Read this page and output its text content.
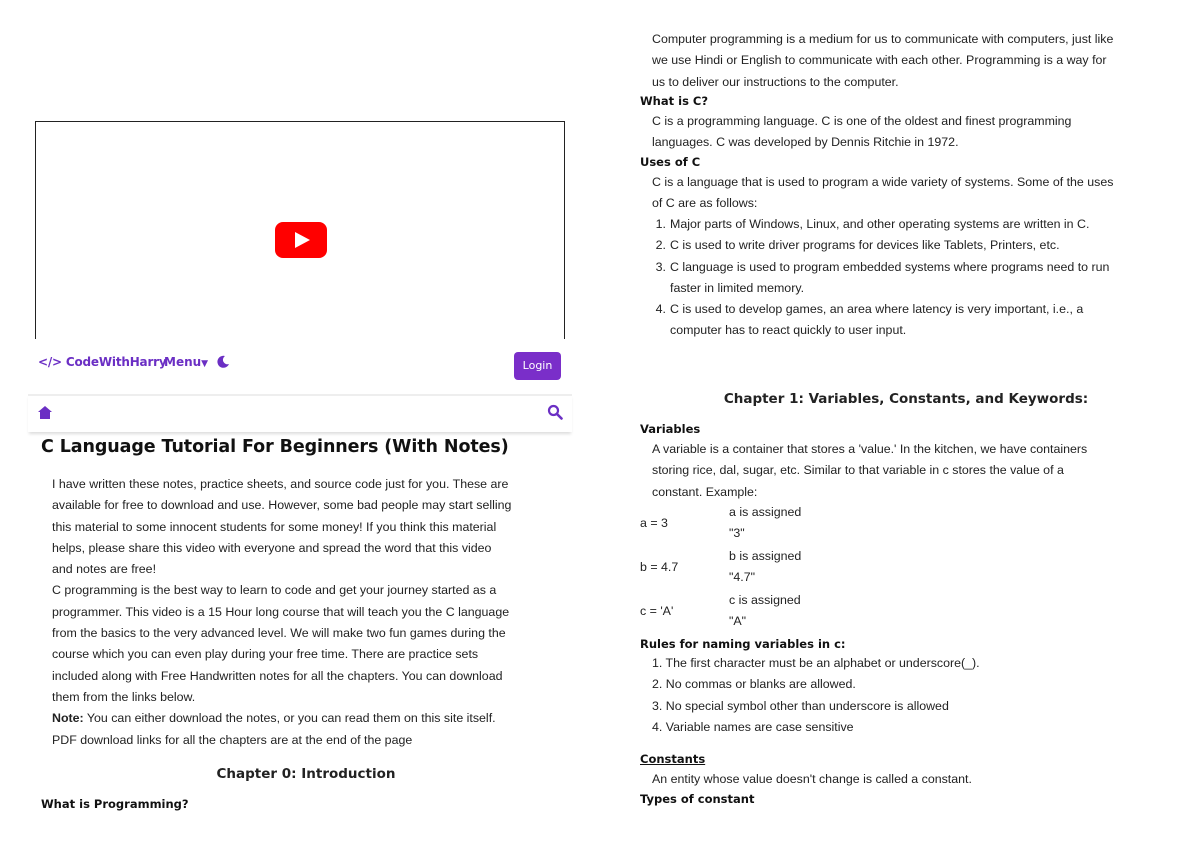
</> CodeWithHarry
Menu▼	Login
C Language Tutorial For Beginners (With Notes)
I have written these notes, practice sheets, and source code just for you. These are
available for free to download and use. However, some bad people may start selling
this material to some innocent students for some money! If you think this material
helps, please share this video with everyone and spread the word that this video
and notes are free!
C programming is the best way to learn to code and get your journey started as a
programmer. This video is a 15 Hour long course that will teach you the C language
from the basics to the very advanced level. We will make two fun games during the
course which you can even play during your free time. There are practice sets
included along with Free Handwritten notes for all the chapters. You can download
them from the links below.
Note: You can either download the notes, or you can read them on this site itself.
PDF download links for all the chapters are at the end of the page
Chapter 0: Introduction
What is Programming?
Computer programming is a medium for us to communicate with computers, just like
we use Hindi or English to communicate with each other. Programming is a way for
us to deliver our instructions to the computer.
What is C?
C is a programming language. C is one of the oldest and finest programming
languages. C was developed by Dennis Ritchie in 1972.
Uses of C
C is a language that is used to program a wide variety of systems. Some of the uses
of C are as follows:
1. Major parts of Windows, Linux, and other operating systems are written in C.
2. C is used to write driver programs for devices like Tablets, Printers, etc.
3. C language is used to program embedded systems where programs need to run
faster in limited memory.
4. C is used to develop games, an area where latency is very important, i.e., a
computer has to react quickly to user input.
Chapter 1: Variables, Constants, and Keywords:
Variables
A variable is a container that stores a 'value.' In the kitchen, we have containers
storing rice, dal, sugar, etc. Similar to that variable in c stores the value of a
constant. Example:
a = 3
a is assigned
"3"
b = 4.7
b is assigned
"4.7"
c = 'A'
c is assigned
"A"
Rules for naming variables in c:
1. The first character must be an alphabet or underscore(_).
2. No commas or blanks are allowed.
3. No special symbol other than underscore is allowed
4. Variable names are case sensitive
Constants
An entity whose value doesn't change is called a constant.
Types of constant
